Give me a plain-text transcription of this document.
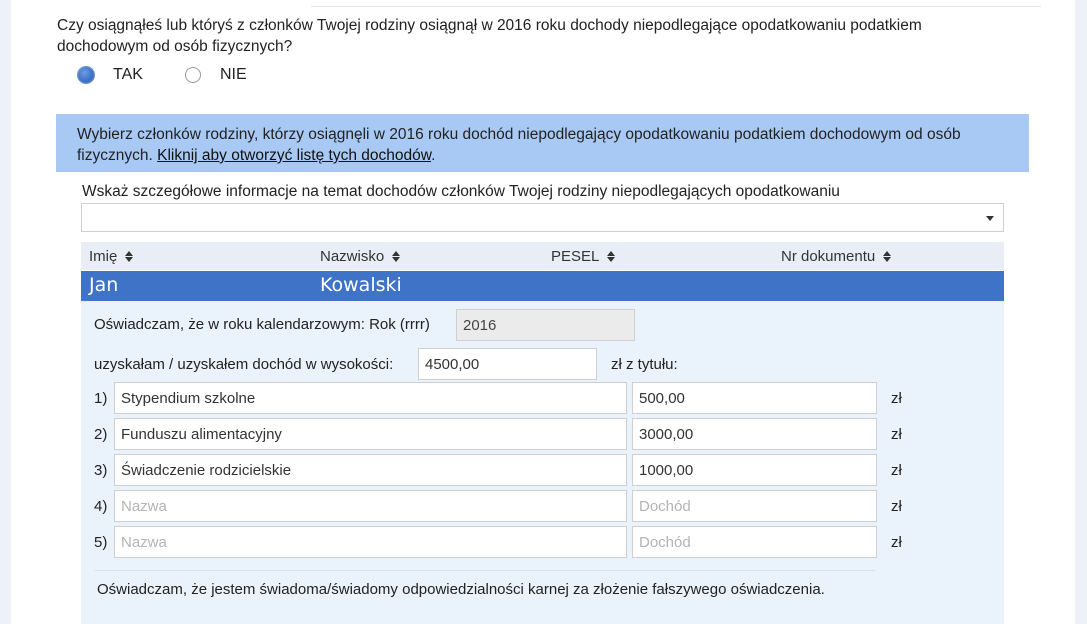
Czy osiągnąłeś lub któryś z członków Twojej rodziny osiągnął w 2016 roku dochody niepodlegające opodatkowaniu podatkiem dochodowym od osób fizycznych?
TAK	NIE
Wybierz członków rodziny, którzy osiągnęli w 2016 roku dochód niepodlegający opodatkowaniu podatkiem dochodowym od osób fizycznych. Kliknij aby otworzyć listę tych dochodów.
Wskaż szczegółowe informacje na temat dochodów członków Twojej rodziny niepodlegających opodatkowaniu
Imię	Nazwisko	PESEL	Nr dokumentu
Jan	Kowalski
Oświadczam, że w roku kalendarzowym: Rok (rrrr)	2016
uzyskałam / uzyskałem dochód w wysokości:	4500,00	zł z tytułu:
1) Stypendium szkolne	500,00	zł
2) Funduszu alimentacyjny	3000,00	zł
3) Świadczenie rodzicielskie	1000,00	zł
4) Nazwa	Dochód	zł
5) Nazwa	Dochód	zł
Oświadczam, że jestem świadoma/świadomy odpowiedzialności karnej za złożenie fałszywego oświadczenia.
